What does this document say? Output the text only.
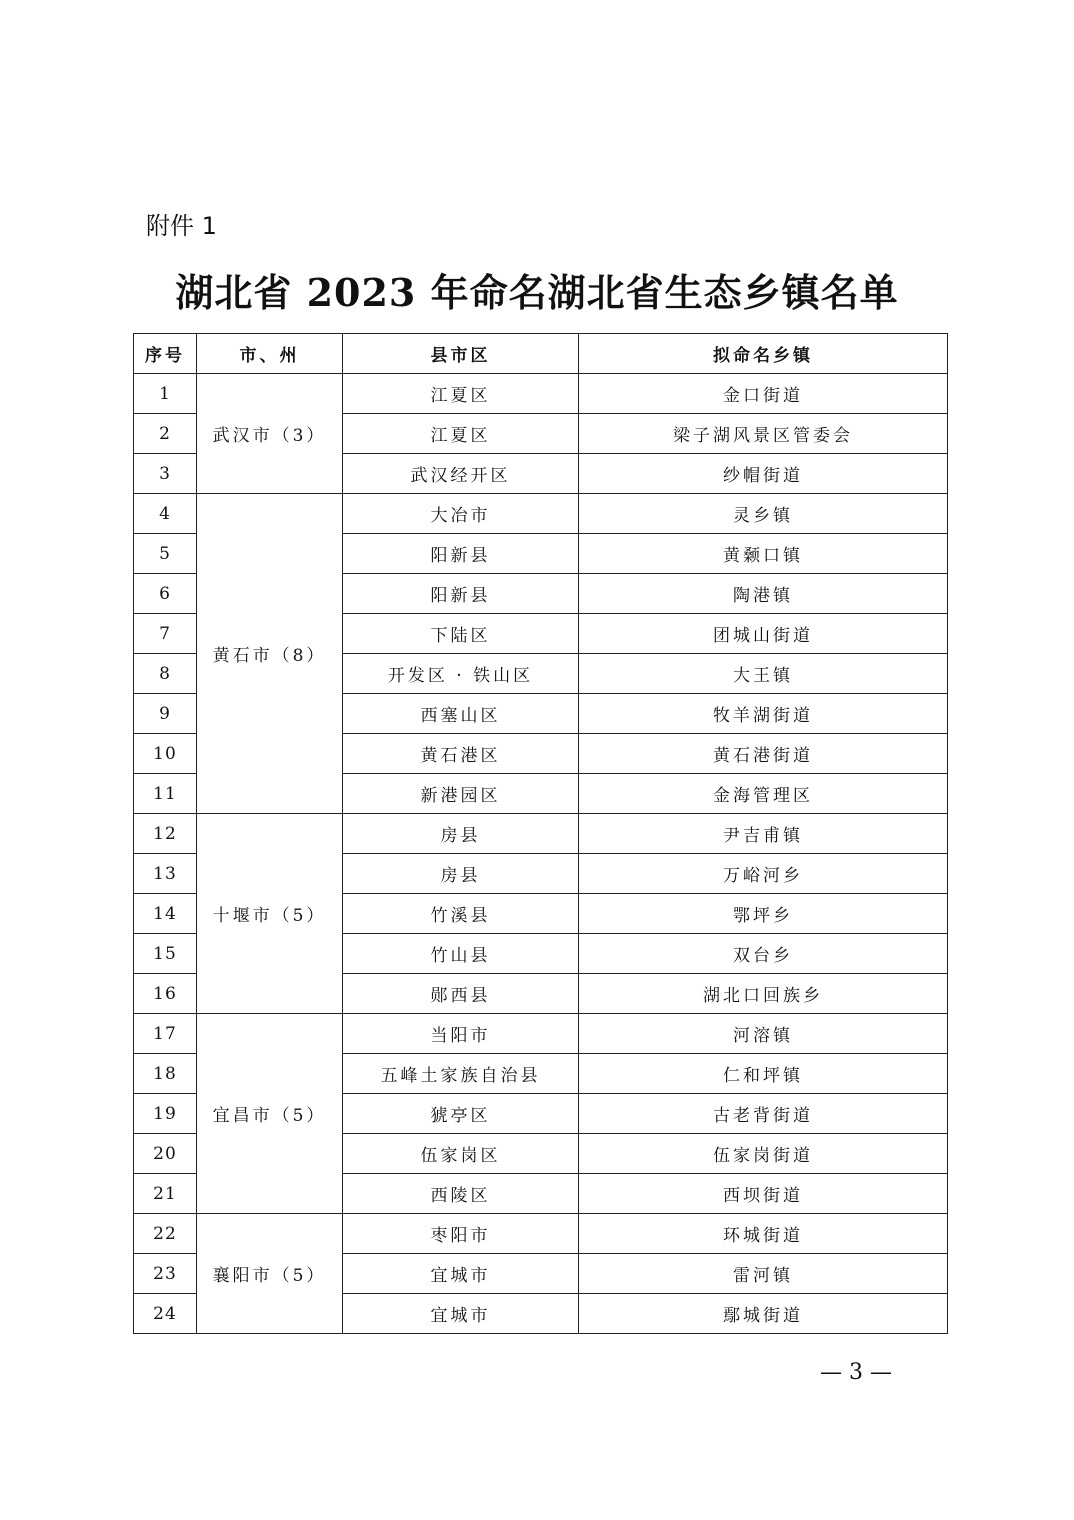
附件 1
湖北省 2023 年命名湖北省生态乡镇名单
序号	市、州	县市区	拟命名乡镇
1	武汉市（3）	江夏区	金口街道
2		江夏区	梁子湖风景区管委会
3		武汉经开区	纱帽街道
4	黄石市（8）	大冶市	灵乡镇
5		阳新县	黄颡口镇
6		阳新县	陶港镇
7		下陆区	团城山街道
8		开发区 · 铁山区	大王镇
9		西塞山区	牧羊湖街道
10		黄石港区	黄石港街道
11		新港园区	金海管理区
12	十堰市（5）	房县	尹吉甫镇
13		房县	万峪河乡
14		竹溪县	鄂坪乡
15		竹山县	双台乡
16		郧西县	湖北口回族乡
17	宜昌市（5）	当阳市	河溶镇
18		五峰土家族自治县	仁和坪镇
19		猇亭区	古老背街道
20		伍家岗区	伍家岗街道
21		西陵区	西坝街道
22	襄阳市（5）	枣阳市	环城街道
23		宜城市	雷河镇
24		宜城市	鄢城街道
— 3 —
